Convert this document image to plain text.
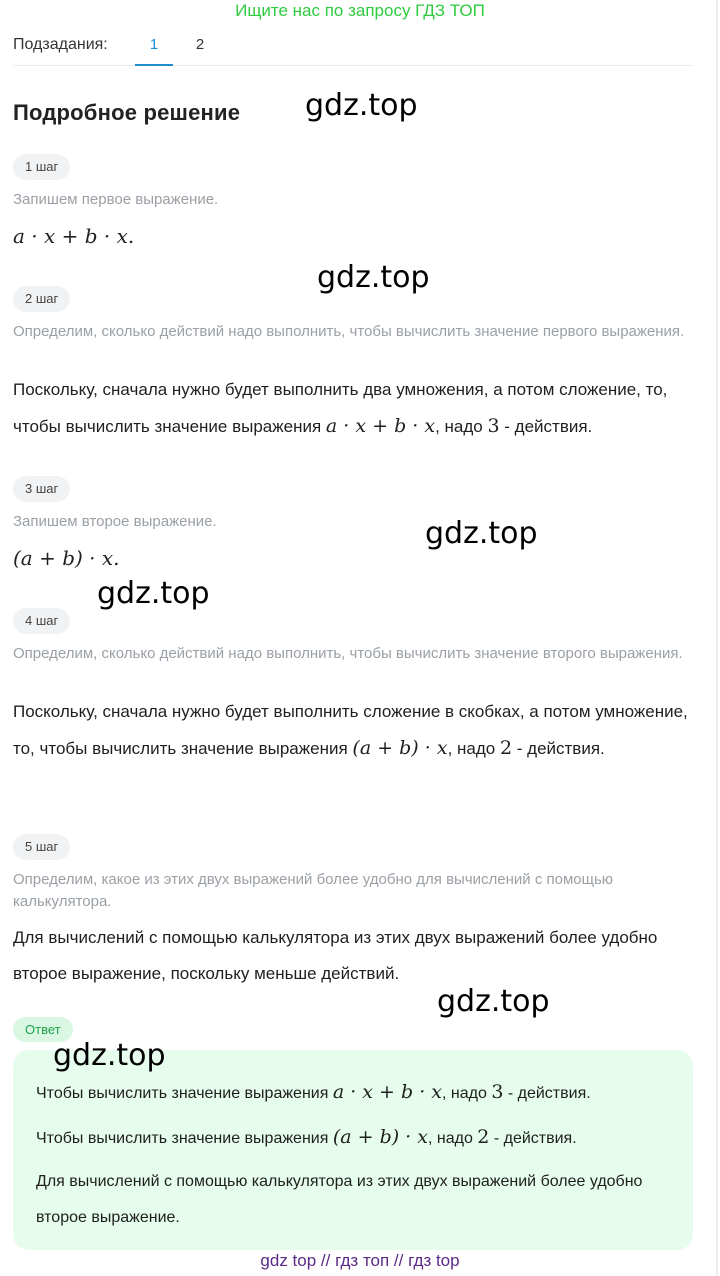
Ищите нас по запросу ГДЗ ТОП
Подзадания:	1	2
Подробное решение
1 шаг
Запишем первое выражение.
a · x + b · x.
2 шаг
Определим, сколько действий надо выполнить, чтобы вычислить значение первого выражения.
Поскольку, сначала нужно будет выполнить два умножения, а потом сложение, то, чтобы вычислить значение выражения a · x + b · x, надо 3 - действия.
3 шаг
Запишем второе выражение.
(a + b) · x.
4 шаг
Определим, сколько действий надо выполнить, чтобы вычислить значение второго выражения.
Поскольку, сначала нужно будет выполнить сложение в скобках, а потом умножение, то, чтобы вычислить значение выражения (a + b) · x, надо 2 - действия.
5 шаг
Определим, какое из этих двух выражений более удобно для вычислений с помощью калькулятора.
Для вычислений с помощью калькулятора из этих двух выражений более удобно второе выражение, поскольку меньше действий.
Ответ
Чтобы вычислить значение выражения a · x + b · x, надо 3 - действия.
Чтобы вычислить значение выражения (a + b) · x, надо 2 - действия.
Для вычислений с помощью калькулятора из этих двух выражений более удобно второе выражение.
gdz.top
gdz.top
gdz.top
gdz.top
gdz.top
gdz.top
gdz top // гдз топ // гдз top
